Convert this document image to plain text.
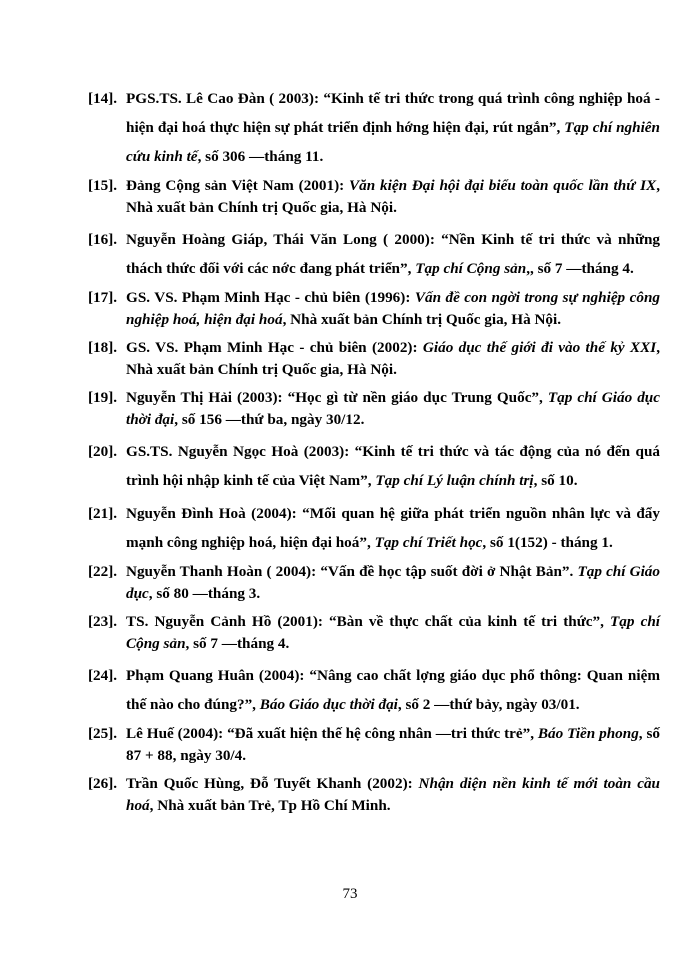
[14]. PGS.TS. Lê Cao Đàn ( 2003): “Kinh tế tri thức trong quá trình công nghiệp hoá - hiện đại hoá thực hiện sự phát triển định hớng hiện đại, rút ngắn”, Tạp chí nghiên cứu kinh tế, số 306 —tháng 11.
[15]. Đảng Cộng sản Việt Nam (2001): Văn kiện Đại hội đại biểu toàn quốc lần thứ IX, Nhà xuất bản Chính trị Quốc gia, Hà Nội.
[16]. Nguyễn Hoàng Giáp, Thái Văn Long ( 2000): “Nền Kinh tế tri thức và những thách thức đối với các nớc đang phát triển”, Tạp chí Cộng sản,, số 7 —tháng 4.
[17]. GS. VS. Phạm Minh Hạc - chủ biên (1996): Vấn đề con ngời trong sự nghiệp công nghiệp hoá, hiện đại hoá, Nhà xuất bản Chính trị Quốc gia, Hà Nội.
[18]. GS. VS. Phạm Minh Hạc - chủ biên (2002): Giáo dục thế giới đi vào thế kỷ XXI, Nhà xuất bản Chính trị Quốc gia, Hà Nội.
[19]. Nguyễn Thị Hải (2003): “Học gì từ nền giáo dục Trung Quốc”, Tạp chí Giáo dục thời đại, số 156 —thứ ba, ngày 30/12.
[20]. GS.TS. Nguyễn Ngọc Hoà (2003): “Kinh tế tri thức và tác động của nó đến quá trình hội nhập kinh tế của Việt Nam”, Tạp chí Lý luận chính trị, số 10.
[21]. Nguyễn Đình Hoà (2004): “Mối quan hệ giữa phát triển nguồn nhân lực và đẩy mạnh công nghiệp hoá, hiện đại hoá”, Tạp chí Triết học, số 1(152) - tháng 1.
[22]. Nguyễn Thanh Hoàn ( 2004): “Vấn đề học tập suốt đời ở Nhật Bản”. Tạp chí Giáo dục, số 80 —tháng 3.
[23]. TS. Nguyễn Cảnh Hồ (2001): “Bàn về thực chất của kinh tế tri thức”, Tạp chí Cộng sản, số 7 —tháng 4.
[24]. Phạm Quang Huân (2004): “Nâng cao chất lợng giáo dục phổ thông: Quan niệm thế nào cho đúng?”, Báo Giáo dục thời đại, số 2 —thứ bảy, ngày 03/01.
[25]. Lê Huế (2004): “Đã xuất hiện thế hệ công nhân —tri thức trẻ”, Báo Tiền phong, số 87 + 88, ngày 30/4.
[26]. Trần Quốc Hùng, Đỗ Tuyết Khanh (2002): Nhận diện nền kinh tế mới toàn cầu hoá, Nhà xuất bản Trẻ, Tp Hồ Chí Minh.
73
